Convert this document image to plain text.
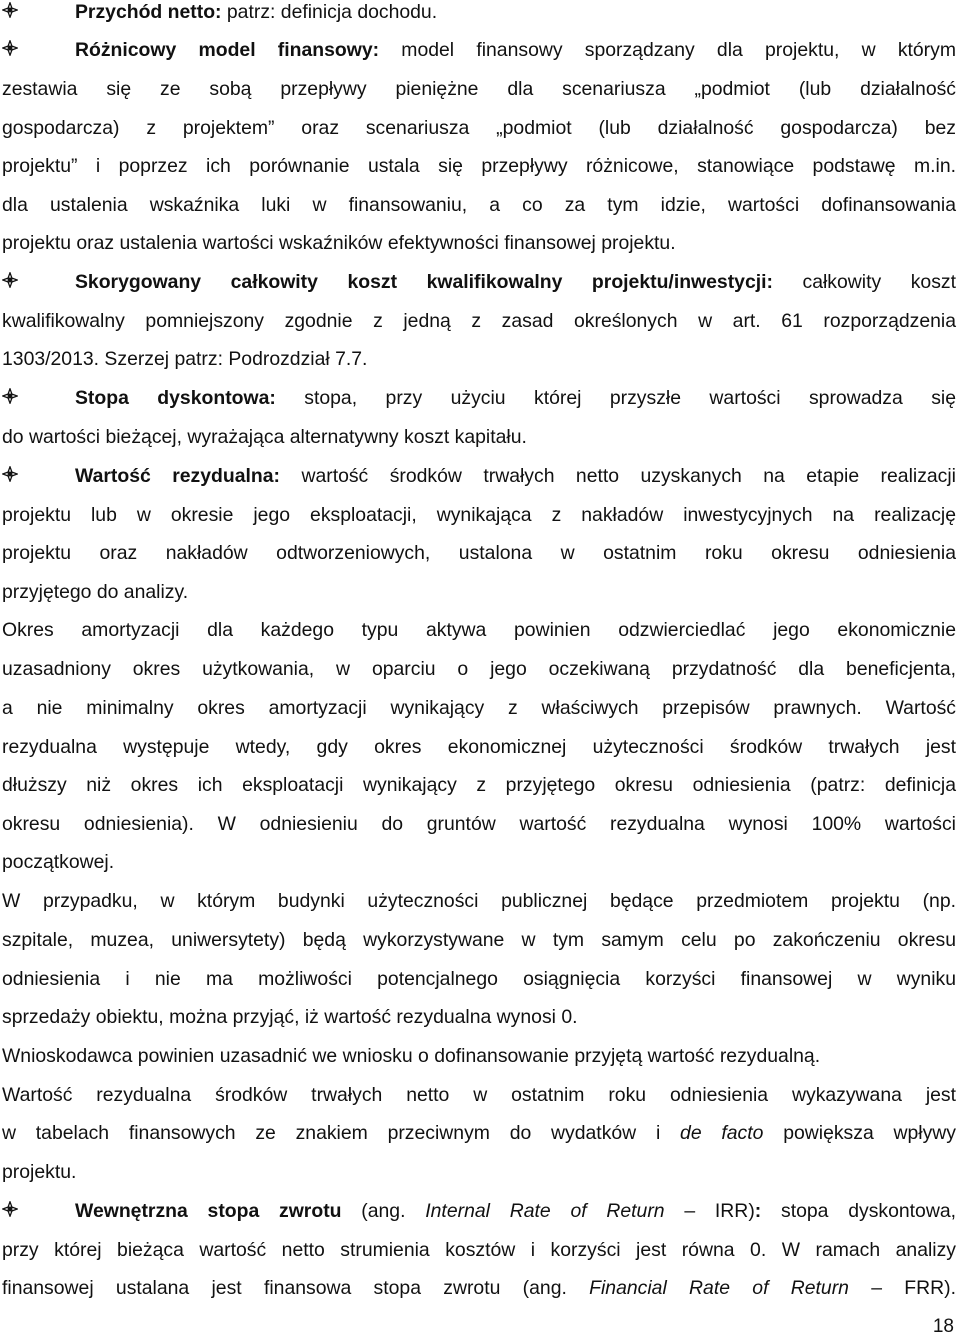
Przychód netto: patrz: definicja dochodu.
Różnicowy model finansowy: model finansowy sporządzany dla projektu, w którym
zestawia się ze sobą przepływy pieniężne dla scenariusza „podmiot (lub działalność
gospodarcza) z projektem” oraz scenariusza „podmiot (lub działalność gospodarcza) bez
projektu” i poprzez ich porównanie ustala się przepływy różnicowe, stanowiące podstawę m.in.
dla ustalenia wskaźnika luki w finansowaniu, a co za tym idzie, wartości dofinansowania
projektu oraz ustalenia wartości wskaźników efektywności finansowej projektu.
Skorygowany całkowity koszt kwalifikowalny projektu/inwestycji: całkowity koszt
kwalifikowalny pomniejszony zgodnie z jedną z zasad określonych w art. 61 rozporządzenia
1303/2013. Szerzej patrz: Podrozdział 7.7.
Stopa dyskontowa: stopa, przy użyciu której przyszłe wartości sprowadza się
do wartości bieżącej, wyrażająca alternatywny koszt kapitału.
Wartość rezydualna: wartość środków trwałych netto uzyskanych na etapie realizacji
projektu lub w okresie jego eksploatacji, wynikająca z nakładów inwestycyjnych na realizację
projektu oraz nakładów odtworzeniowych, ustalona w ostatnim roku okresu odniesienia
przyjętego do analizy.
Okres amortyzacji dla każdego typu aktywa powinien odzwierciedlać jego ekonomicznie
uzasadniony okres użytkowania, w oparciu o jego oczekiwaną przydatność dla beneficjenta,
a nie minimalny okres amortyzacji wynikający z właściwych przepisów prawnych. Wartość
rezydualna występuje wtedy, gdy okres ekonomicznej użyteczności środków trwałych jest
dłuższy niż okres ich eksploatacji wynikający z przyjętego okresu odniesienia (patrz: definicja
okresu odniesienia). W odniesieniu do gruntów wartość rezydualna wynosi 100% wartości
początkowej.
W przypadku, w którym budynki użyteczności publicznej będące przedmiotem projektu (np.
szpitale, muzea, uniwersytety) będą wykorzystywane w tym samym celu po zakończeniu okresu
odniesienia i nie ma możliwości potencjalnego osiągnięcia korzyści finansowej w wyniku
sprzedaży obiektu, można przyjąć, iż wartość rezydualna wynosi 0.
Wnioskodawca powinien uzasadnić we wniosku o dofinansowanie przyjętą wartość rezydualną.
Wartość rezydualna środków trwałych netto w ostatnim roku odniesienia wykazywana jest
w tabelach finansowych ze znakiem przeciwnym do wydatków i de facto powiększa wpływy
projektu.
Wewnętrzna stopa zwrotu (ang. Internal Rate of Return – IRR): stopa dyskontowa,
przy której bieżąca wartość netto strumienia kosztów i korzyści jest równa 0. W ramach analizy
finansowej ustalana jest finansowa stopa zwrotu (ang. Financial Rate of Return – FRR).
18
